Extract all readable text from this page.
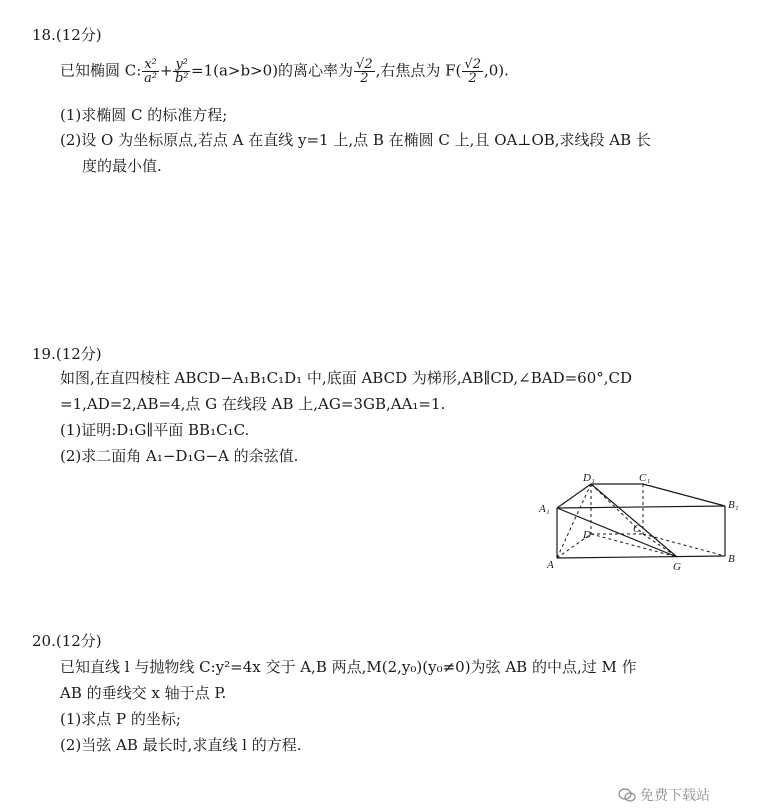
18.(12分)
已知椭圆 C: $\frac{\text{x²}}{\text{a²}} + \frac{\text{y²}}{\text{b²}} =1(a>b>0)$的离心率为 $\frac{√2}{2}$ ,右焦点为 $F( \frac{√2}{2} ,0)$.
(1)求椭圆 C 的标准方程;
(2)设 O 为坐标原点,若点 A 在直线 y=1 上,点 B 在椭圆 C 上,且 OA⊥OB,求线段 AB 长
度的最小值.
19.(12分)
如图,在直四棱柱 ABCD−A₁B₁C₁D₁ 中,底面 ABCD 为梯形,AB∥CD,∠BAD=60°,CD
=1,AD=2,AB=4,点 G 在线段 AB 上,AG=3GB,AA₁=1.
(1)证明:D₁G∥平面 BB₁C₁C.
(2)求二面角 A₁−D₁G−A 的余弦值.
D₁	C₁
A₁	B₁
D	C
A	G
B
20.(12分)
已知直线 l 与抛物线 C:y²=4x 交于 A,B 两点,M(2,y₀)(y₀≠0)为弦 AB 的中点,过 M 作
AB 的垂线交 x 轴于点 P.
(1)求点 P 的坐标;
(2)当弦 AB 最长时,求直线 l 的方程.
免费下载站
